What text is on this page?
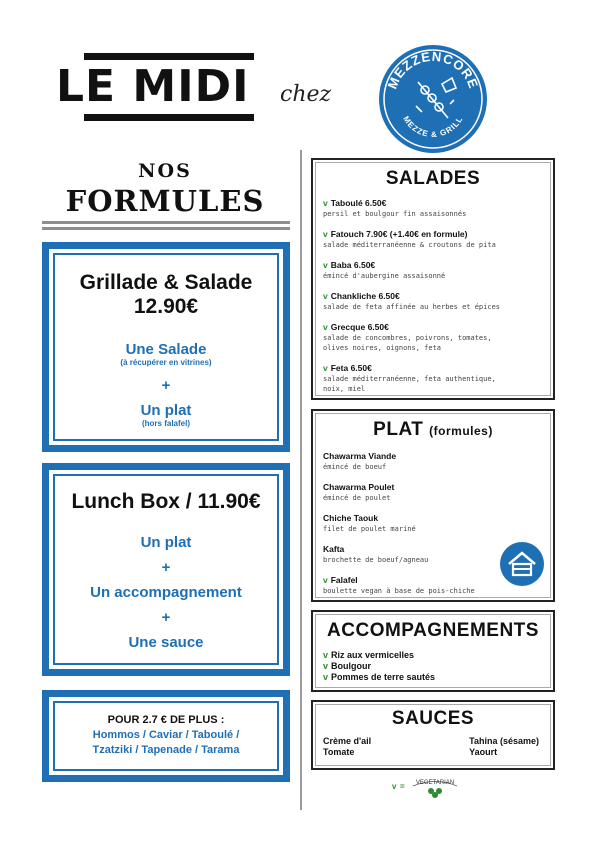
LE MIDI chez	MEZZENCORE
MEZZE & GRILL
NOS
FORMULES
Grillade & Salade
12.90€
Une Salade
(à récupérer en vitrines)
+
Un plat
(hors falafel)
Lunch Box / 11.90€
Un plat
+
Un accompagnement
+
Une sauce
POUR 2.7 € DE PLUS :
Hommos / Caviar / Taboulé /
Tzatziki / Tapenade / Tarama
SALADES
v Taboulé 6.50€
persil et boulgour fin assaisonnés
v Fatouch 7.90€ (+1.40€ en formule)
salade méditerranéenne & croutons de pita
v Baba 6.50€
émincé d'aubergine assaisonné
v Chankliche 6.50€
salade de feta affinée au herbes et épices
v Grecque 6.50€
salade de concombres, poivrons, tomates,
olives noires, oignons, feta
v Feta 6.50€
salade méditerranéenne, feta authentique,
noix, miel
PLAT (formules)
Chawarma Viande
émincé de boeuf
Chawarma Poulet
émincé de poulet
Chiche Taouk
filet de poulet mariné
Kafta
brochette de boeuf/agneau
v Falafel
boulette vegan à base de pois-chiche
ACCOMPAGNEMENTS
v Riz aux vermicelles
v Boulgour
v Pommes de terre sautés
SAUCES
Crème d'ail
Tomate
Tahina (sésame)
Yaourt
v = VEGETARIAN
